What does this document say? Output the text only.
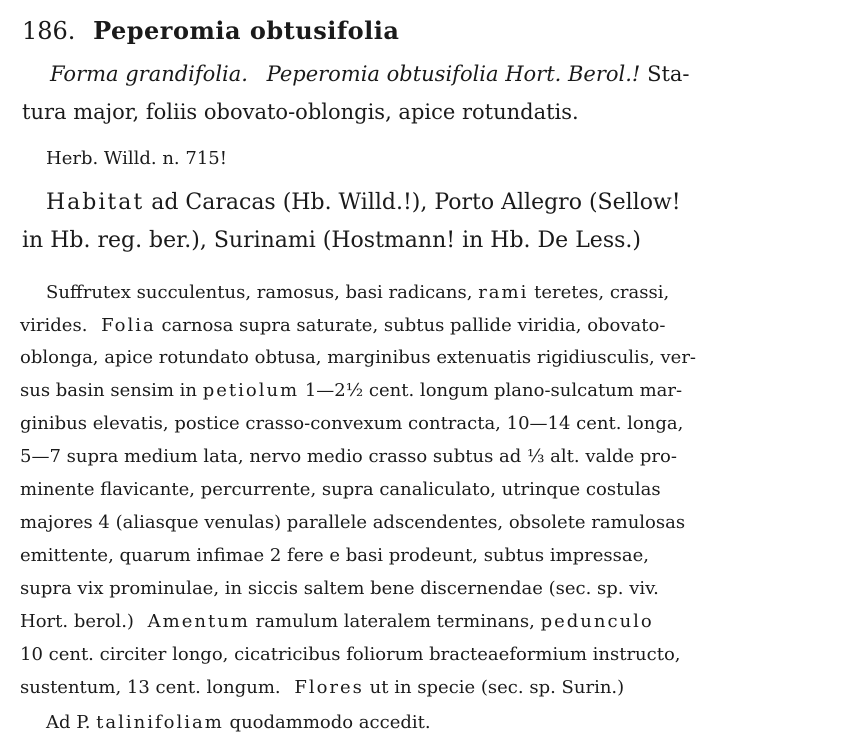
186. Peperomia obtusifolia
Forma grandifolia. Peperomia obtusifolia Hort. Berol.! Sta-
tura major, foliis obovato-oblongis, apice rotundatis.
Herb. Willd. n. 715!
Habitat ad Caracas (Hb. Willd.!), Porto Allegro (Sellow!
in Hb. reg. ber.), Surinami (Hostmann! in Hb. De Less.)
Suffrutex succulentus, ramosus, basi radicans, rami teretes, crassi,
virides. Folia carnosa supra saturate, subtus pallide viridia, obovato-
oblonga, apice rotundato obtusa, marginibus extenuatis rigidiusculis, ver-
sus basin sensim in petiolum 1—2½ cent. longum plano-sulcatum mar-
ginibus elevatis, postice crasso-convexum contracta, 10—14 cent. longa,
5—7 supra medium lata, nervo medio crasso subtus ad ⅓ alt. valde pro-
minente flavicante, percurrente, supra canaliculato, utrinque costulas
majores 4 (aliasque venulas) parallele adscendentes, obsolete ramulosas
emittente, quarum infimae 2 fere e basi prodeunt, subtus impressae,
supra vix prominulae, in siccis saltem bene discernendae (sec. sp. viv.
Hort. berol.) Amentum ramulum lateralem terminans, pedunculo
10 cent. circiter longo, cicatricibus foliorum bracteaeformium instructo,
sustentum, 13 cent. longum. Flores ut in specie (sec. sp. Surin.)
Ad P. talinifoliam quodammodo accedit.
